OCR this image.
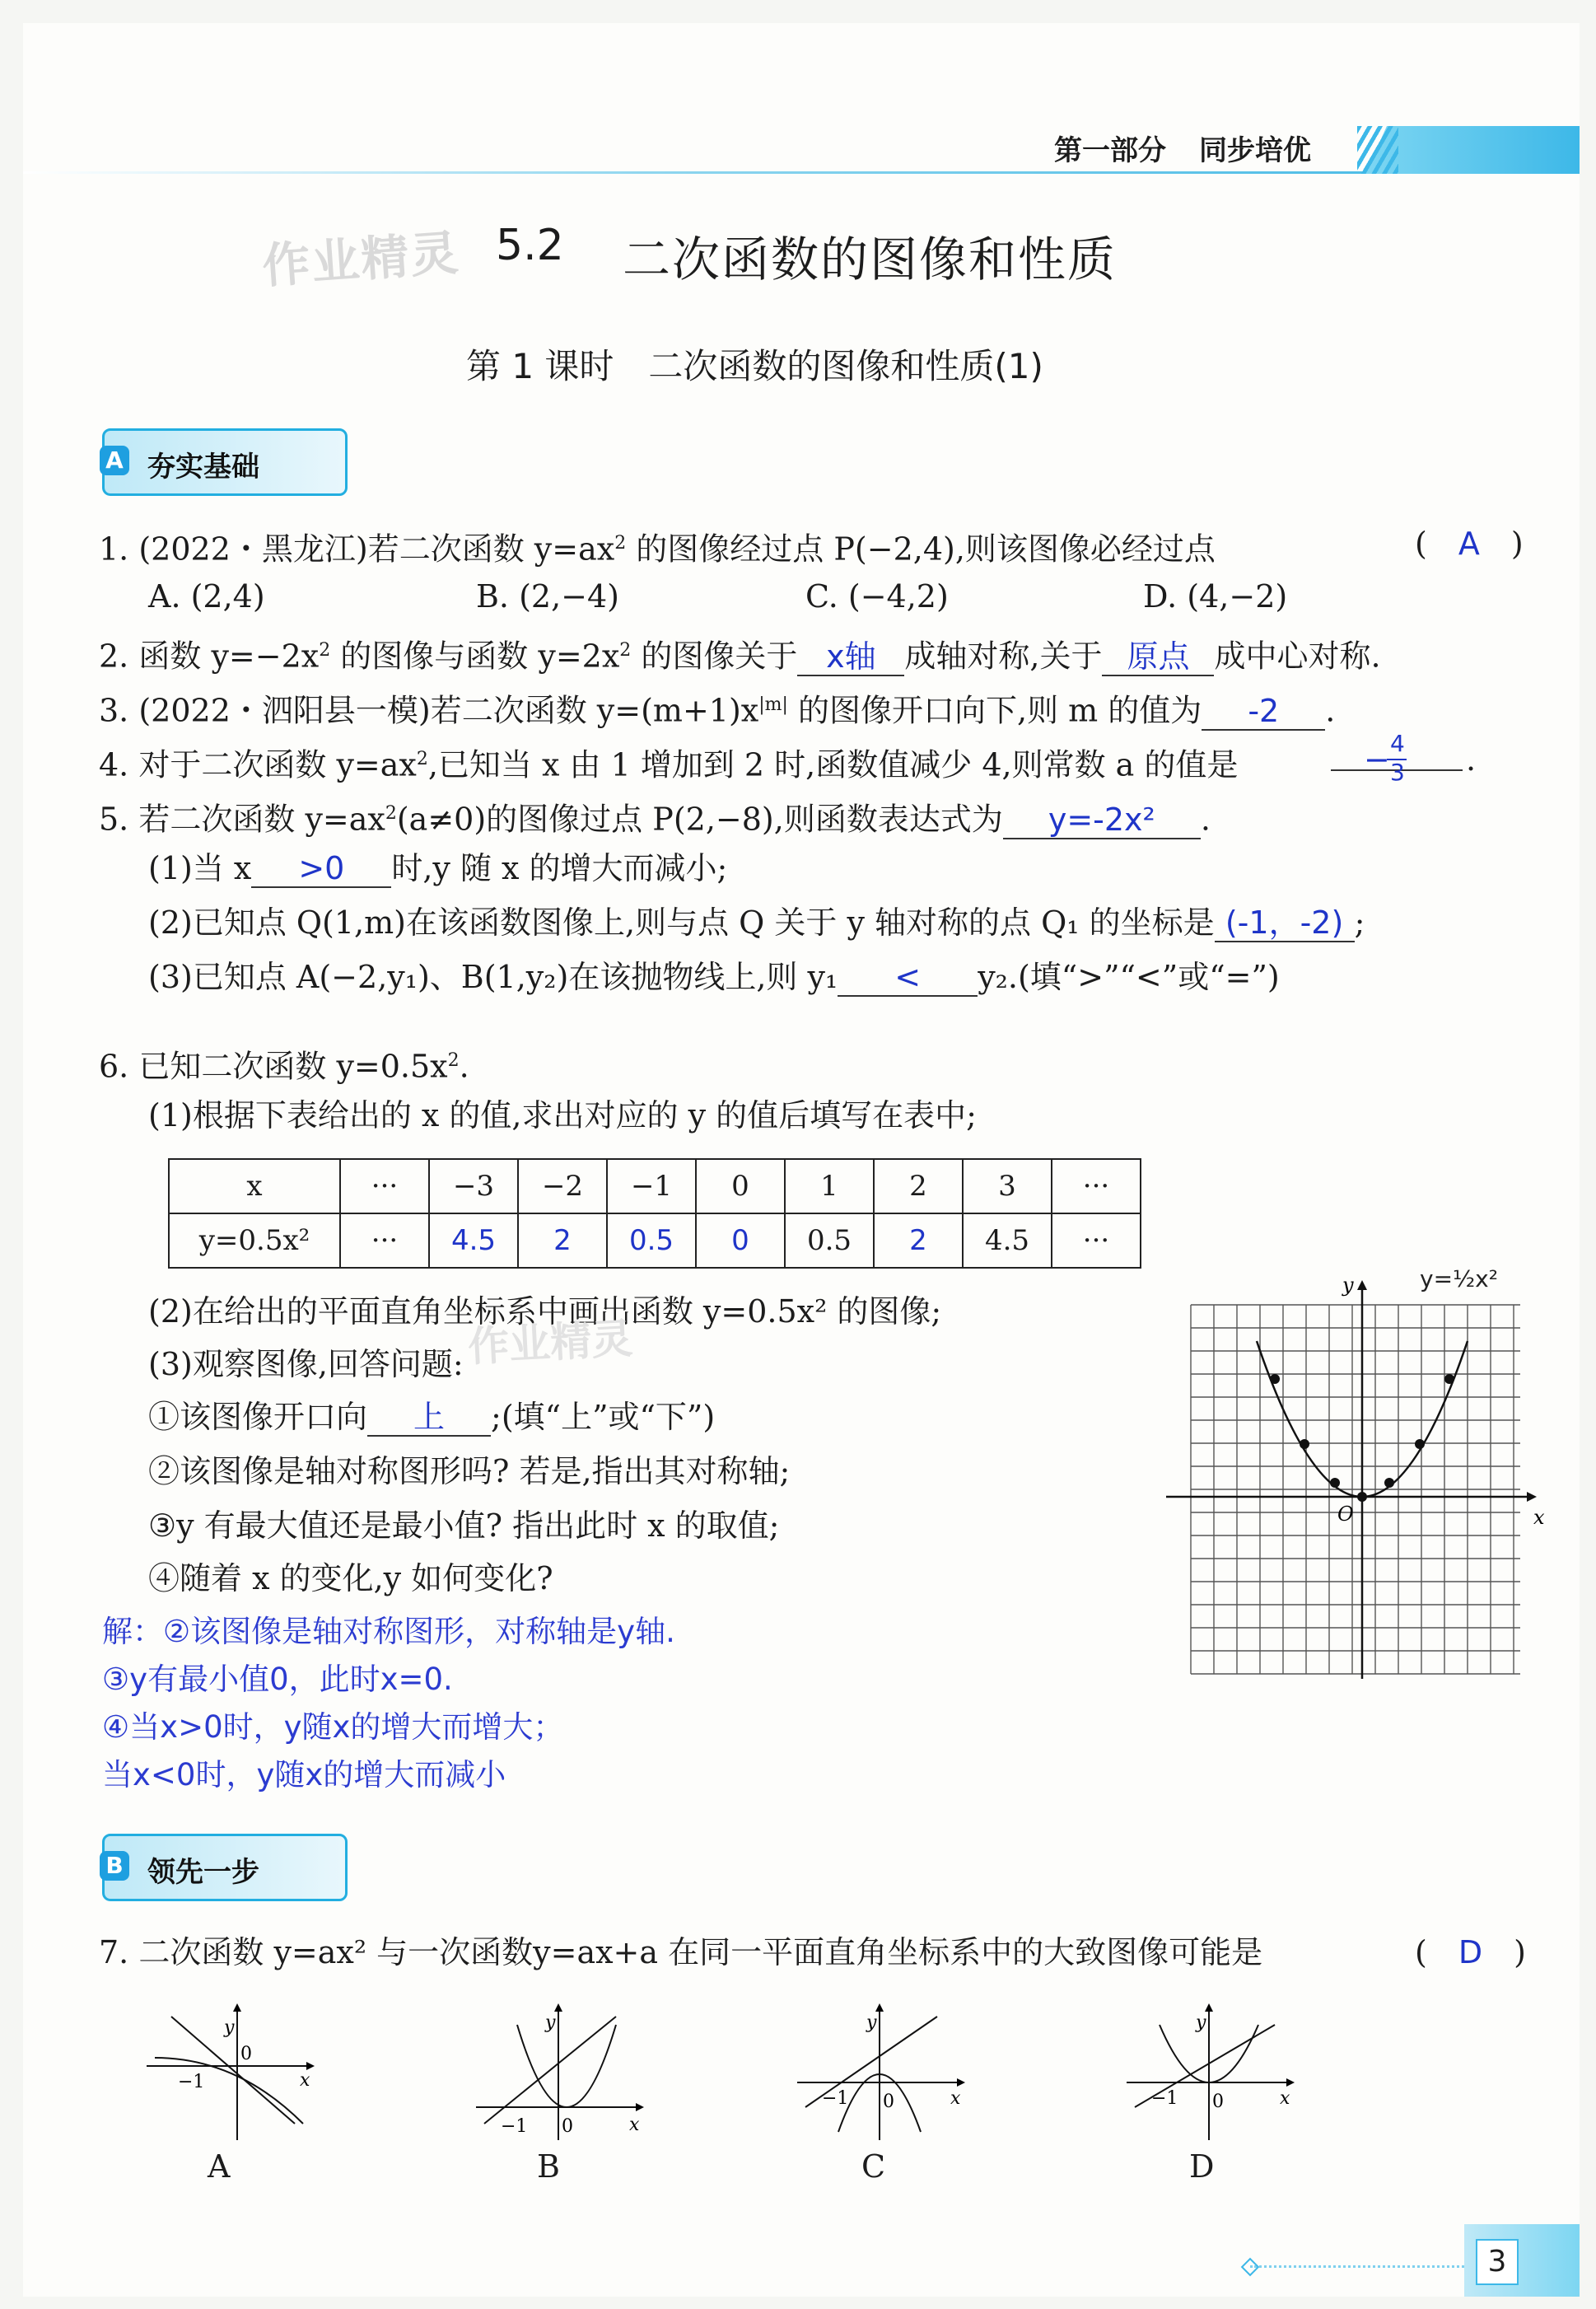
第一部分 同步培优
作业精灵 5.2 二次函数的图像和性质
第 1 课时　二次函数的图像和性质(1)
A 夯实基础
1. (2022・黑龙江)若二次函数 $y=ax^2$ 的图像经过点 P(−2,4),则该图像必经过点	(　A　)
A. (2,4)	B. (2,−4)	C. (−4,2)	D. (4,−2)
2. 函数 $y=-2x^2$ 的图像与函数 $y=2x^2$ 的图像关于 x轴 成轴对称,关于 原点 成中心对称.
3. (2022・泗阳县一模)若二次函数 $y=(m+1)x^{|m|}$ 的图像开口向下,则 m 的值为 -2 .
4. 对于二次函数 $y=ax^2$,已知当 x 由 1 增加到 2 时,函数值减少 4,则常数 a 的值是	− 4
3 .
5. 若二次函数 $y=ax^2(a\ne 0)$的图像过点 P(2,−8),则函数表达式为 y=-2x² .
(1)当 x >0 时,y 随 x 的增大而减小;
(2)已知点 Q(1,m)在该函数图像上,则与点 Q 关于 y 轴对称的点 Q₁ 的坐标是 (-1，-2) ;
(3)已知点 A(−2,y₁)、B(1,y₂)在该抛物线上,则 y₁ < y₂.(填“>”“<”或“=”)
6. 已知二次函数 $y=0.5x^2$.
(1)根据下表给出的 x 的值,求出对应的 y 的值后填写在表中;
x	···	−3	−2	−1	0	1	2	3	···
y=0.5x²	···	4.5	2	0.5	0	0.5	2	4.5	···
(2)在给出的平面直角坐标系中画出函数 y=0.5x² 的图像;
作业精灵
(3)观察图像,回答问题:
①该图像开口向 上 ;(填“上”或“下”)
②该图像是轴对称图形吗? 若是,指出其对称轴;
③y 有最大值还是最小值? 指出此时 x 的取值;
④随着 x 的变化,y 如何变化?
解：②该图像是轴对称图形，对称轴是y轴.
③y有最小值0，此时x=0.
④当x>0时，y随x的增大而增大；
当x<0时，y随x的增大而减小
y
x
O
y=½x²
B 领先一步
7. 二次函数 y=ax² 与一次函数y=ax+a 在同一平面直角坐标系中的大致图像可能是	(　D　)
y
x
0
−1
A
y
x
0
−1
B
y
x
0
−1
C
y
x
0
−1
D
3
